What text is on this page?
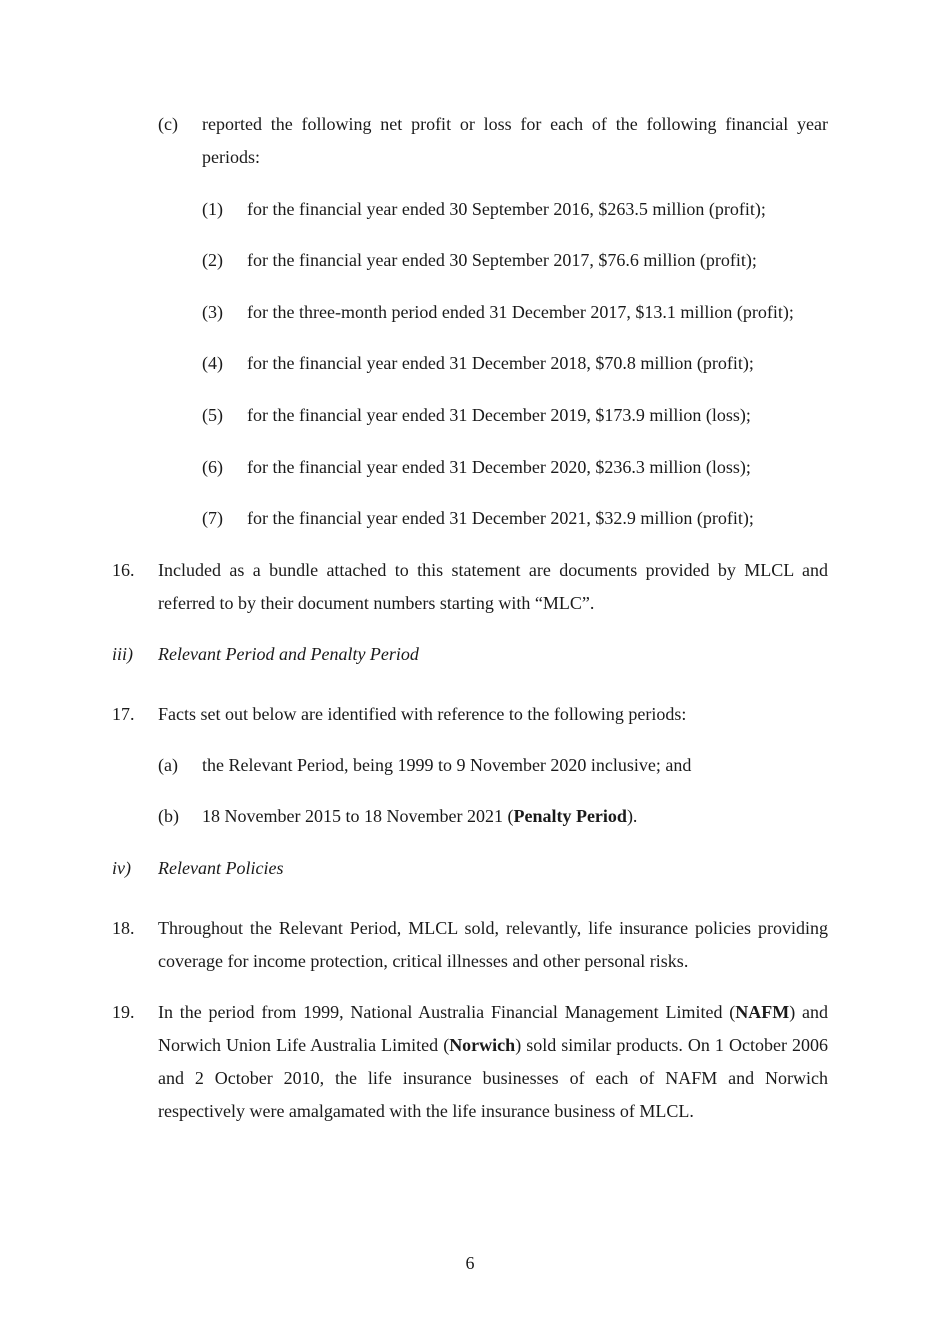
(c) reported the following net profit or loss for each of the following financial year periods:
(1) for the financial year ended 30 September 2016, $263.5 million (profit);
(2) for the financial year ended 30 September 2017, $76.6 million (profit);
(3) for the three-month period ended 31 December 2017, $13.1 million (profit);
(4) for the financial year ended 31 December 2018, $70.8 million (profit);
(5) for the financial year ended 31 December 2019, $173.9 million (loss);
(6) for the financial year ended 31 December 2020, $236.3 million (loss);
(7) for the financial year ended 31 December 2021, $32.9 million (profit);
16. Included as a bundle attached to this statement are documents provided by MLCL and referred to by their document numbers starting with “MLC”.
iii) Relevant Period and Penalty Period
17. Facts set out below are identified with reference to the following periods:
(a) the Relevant Period, being 1999 to 9 November 2020 inclusive; and
(b) 18 November 2015 to 18 November 2021 (Penalty Period).
iv) Relevant Policies
18. Throughout the Relevant Period, MLCL sold, relevantly, life insurance policies providing coverage for income protection, critical illnesses and other personal risks.
19. In the period from 1999, National Australia Financial Management Limited (NAFM) and Norwich Union Life Australia Limited (Norwich) sold similar products. On 1 October 2006 and 2 October 2010, the life insurance businesses of each of NAFM and Norwich respectively were amalgamated with the life insurance business of MLCL.
6
